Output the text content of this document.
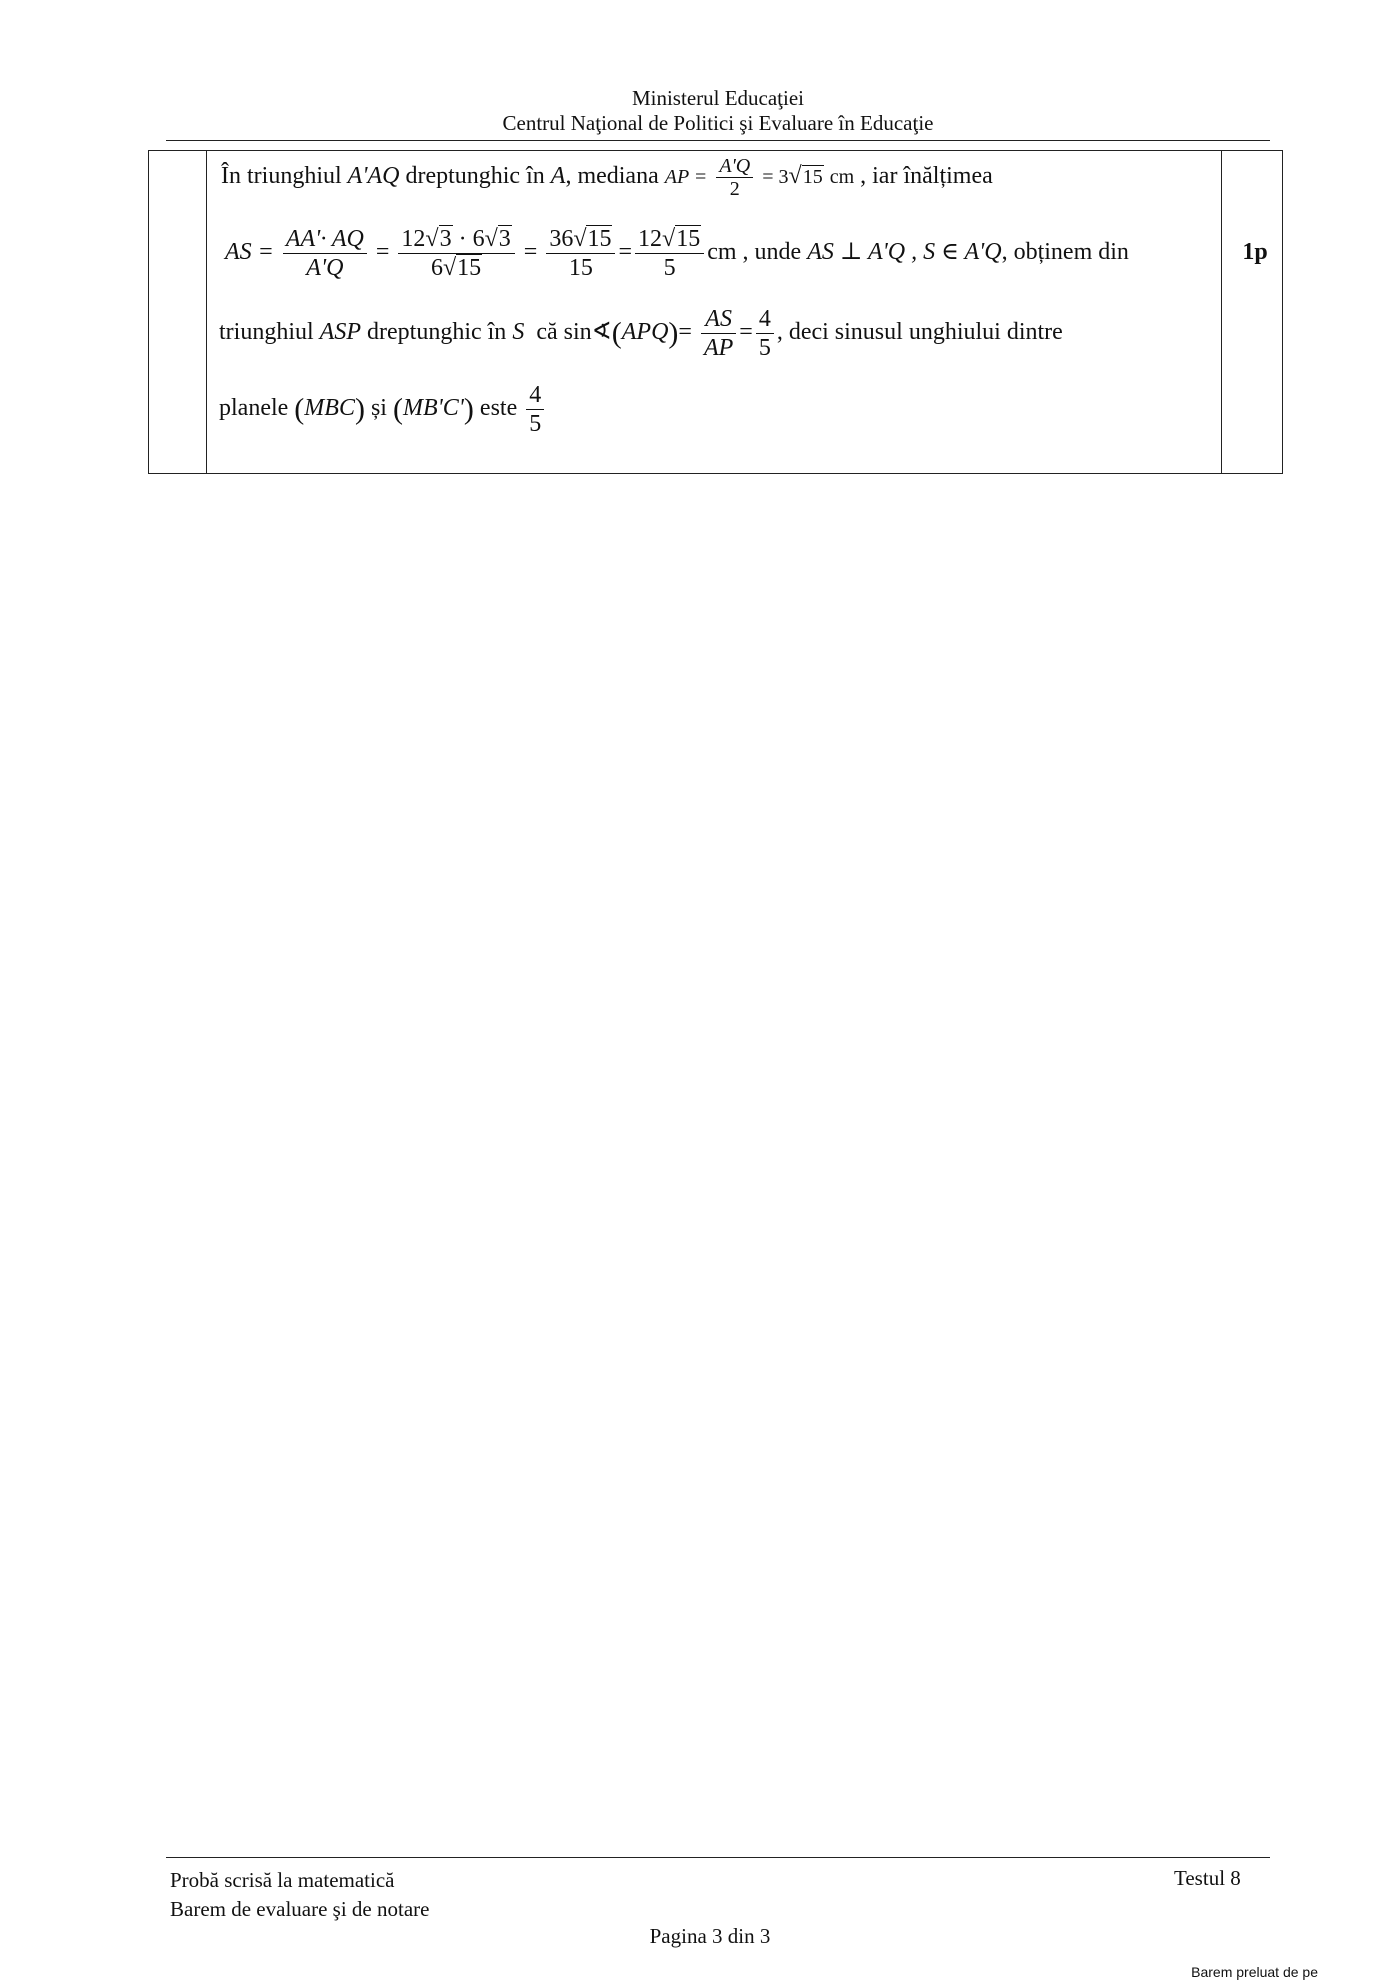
Ministerul Educaţiei
Centrul Naţional de Politici şi Evaluare în Educaţie
În triunghiul A'AQ dreptunghic în A, mediana AP = $\frac{A'Q}{2} = 3√15$ cm , iar înălțimea
AS = $\frac{AA'\cdot AQ}{A'Q} = \frac{12√3 \cdot 6√3}{6√15} = \frac{36√15}{15} = \frac{12√15}{5}$ cm , unde AS ⊥ A'Q , S ∈ A'Q, obținem din
triunghiul ASP dreptunghic în S că sin∢(APQ)= $\frac{AS}{AP} = \frac{4}{5}$ , deci sinusul unghiului dintre
planele (MBC) și (MB'C') este $\frac{4}{5}$
1p
Probă scrisă la matematică
Barem de evaluare şi de notare
Testul 8
Pagina 3 din 3
Barem preluat de pe
